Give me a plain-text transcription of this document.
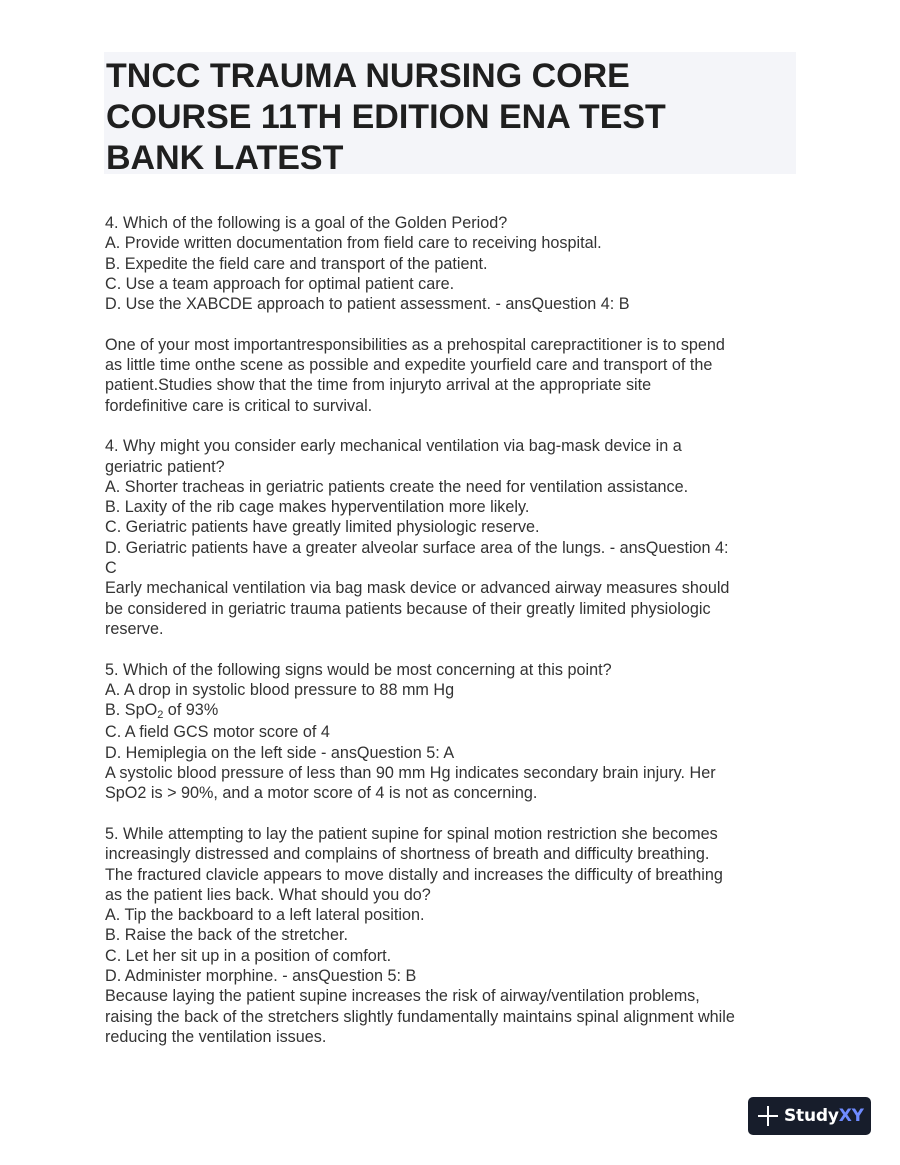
TNCC TRAUMA NURSING CORE
COURSE 11TH EDITION ENA TEST
BANK LATEST
4. Which of the following is a goal of the Golden Period?
A. Provide written documentation from field care to receiving hospital.
B. Expedite the field care and transport of the patient.
C. Use a team approach for optimal patient care.
D. Use the XABCDE approach to patient assessment. - ansQuestion 4: B
One of your most importantresponsibilities as a prehospital carepractitioner is to spend
as little time onthe scene as possible and expedite yourfield care and transport of the
patient.Studies show that the time from injuryto arrival at the appropriate site
fordefinitive care is critical to survival.
4. Why might you consider early mechanical ventilation via bag-mask device in a
geriatric patient?
A. Shorter tracheas in geriatric patients create the need for ventilation assistance.
B. Laxity of the rib cage makes hyperventilation more likely.
C. Geriatric patients have greatly limited physiologic reserve.
D. Geriatric patients have a greater alveolar surface area of the lungs. - ansQuestion 4:
C
Early mechanical ventilation via bag mask device or advanced airway measures should
be considered in geriatric trauma patients because of their greatly limited physiologic
reserve.
5. Which of the following signs would be most concerning at this point?
A. A drop in systolic blood pressure to 88 mm Hg
B. SpO2 of 93%
C. A field GCS motor score of 4
D. Hemiplegia on the left side - ansQuestion 5: A
A systolic blood pressure of less than 90 mm Hg indicates secondary brain injury. Her
SpO2 is > 90%, and a motor score of 4 is not as concerning.
5. While attempting to lay the patient supine for spinal motion restriction she becomes
increasingly distressed and complains of shortness of breath and difficulty breathing.
The fractured clavicle appears to move distally and increases the difficulty of breathing
as the patient lies back. What should you do?
A. Tip the backboard to a left lateral position.
B. Raise the back of the stretcher.
C. Let her sit up in a position of comfort.
D. Administer morphine. - ansQuestion 5: B
Because laying the patient supine increases the risk of airway/ventilation problems,
raising the back of the stretchers slightly fundamentally maintains spinal alignment while
reducing the ventilation issues.
StudyXY
